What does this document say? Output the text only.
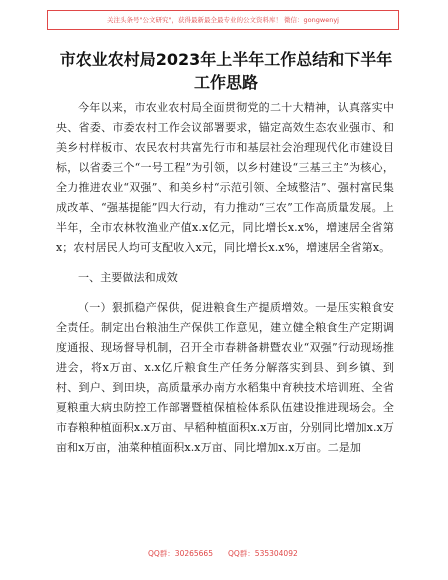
关注头条号"公文研究"，获得最新最全最专业的公文资料库！ 微信：gongwenyj
市农业农村局2023年上半年工作总结和下半年工作思路

今年以来，市农业农村局全面贯彻党的二十大精神，认真落实中央、省委、市委农村工作会议部署要求，锚定高效生态农业强市、和美乡村样板市、农民农村共富先行市和基层社会治理现代化市建设目标，以省委三个“一号工程”为引领，以乡村建设“三基三主”为核心，全力推进农业“双强”、和美乡村“示范引领、全域整洁”、强村富民集成改革、“强基提能”四大行动，有力推动“三农”工作高质量发展。上半年，全市农林牧渔业产值x.x亿元，同比增长x.x%，增速居全省第x；农村居民人均可支配收入x元，同比增长x.x%，增速居全省第x。

一、主要做法和成效

（一）狠抓稳产保供，促进粮食生产提质增效。一是压实粮食安全责任。制定出台粮油生产保供工作意见，建立健全粮食生产定期调度通报、现场督导机制，召开全市春耕备耕暨农业“双强”行动现场推进会，将x万亩、x.x亿斤粮食生产任务分解落实到县、到乡镇、到村、到户、到田块，高质量承办南方水稻集中育秧技术培训班、全省夏粮重大病虫防控工作部署暨植保植检体系队伍建设推进现场会。全市春粮种植面积x.x万亩、早稻种植面积x.x万亩，分别同比增加x.x万亩和x万亩，油菜种植面积x.x万亩、同比增加x.x万亩。二是加

QQ群：30265665 QQ群：535304092
